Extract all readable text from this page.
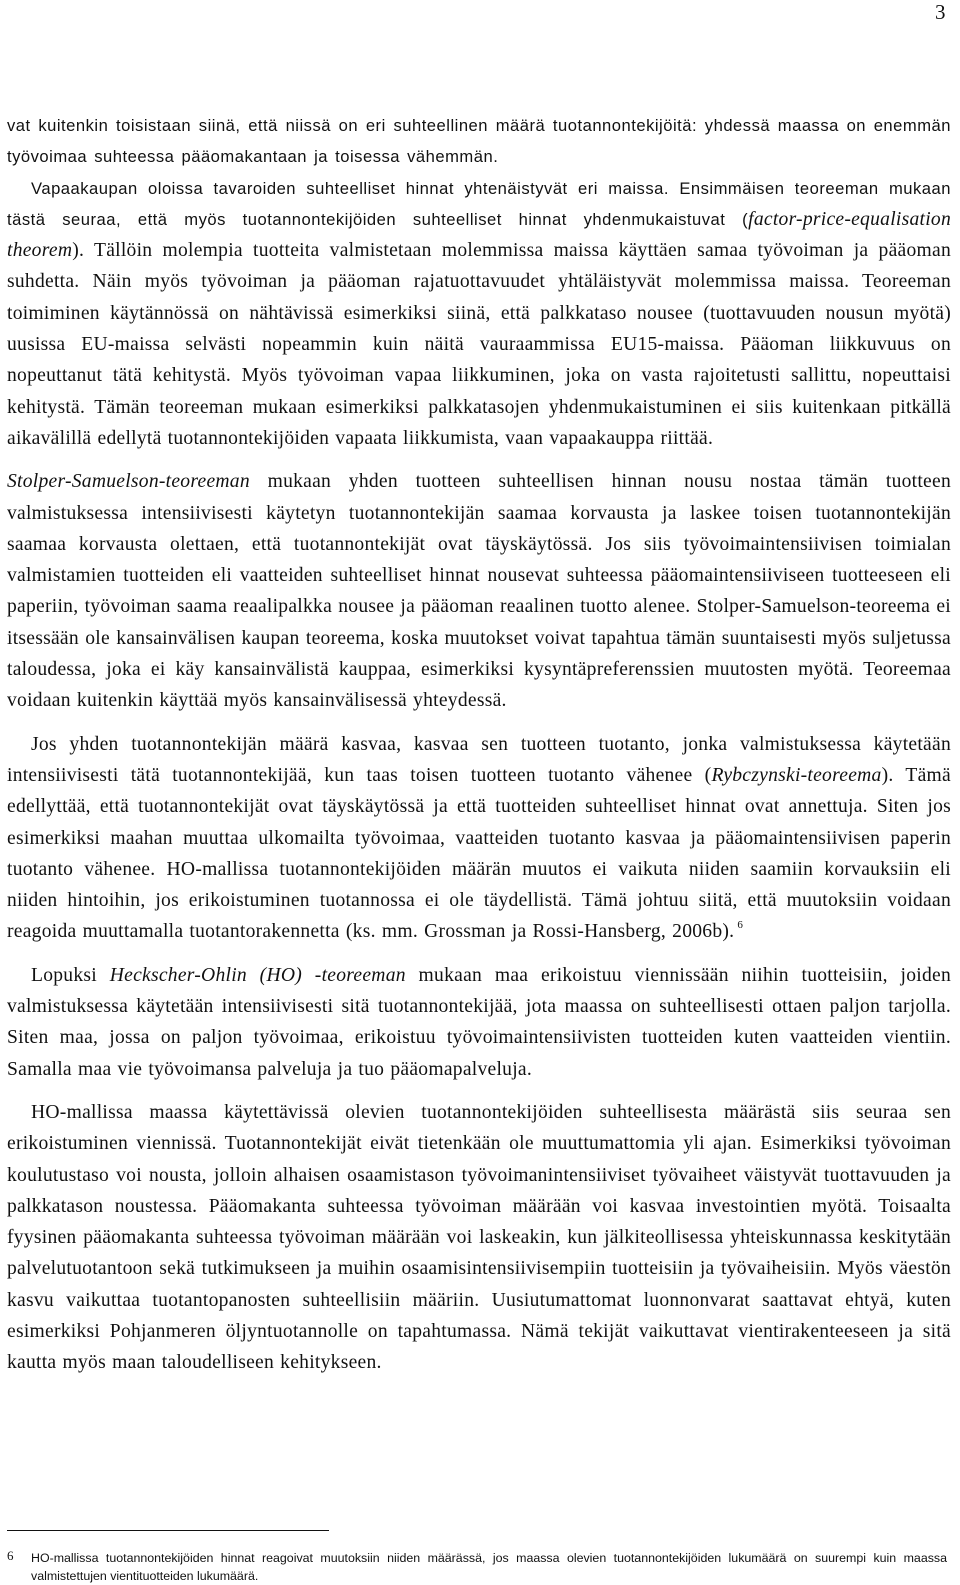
3

vat kuitenkin toisistaan siinä, että niissä on eri suhteellinen määrä tuotannontekijöitä: yhdessä maassa on enemmän työvoimaa suhteessa pääomakantaan ja toisessa vähemmän.

Vapaakaupan oloissa tavaroiden suhteelliset hinnat yhtenäistyvät eri maissa. Ensimmäisen teoreeman mukaan tästä seuraa, että myös tuotannontekijöiden suhteelliset hinnat yhdenmukaistuvat (factor-price-equalisation theorem). Tällöin molempia tuotteita valmistetaan molemmissa maissa käyttäen samaa työvoiman ja pääoman suhdetta. Näin myös työvoiman ja pääoman rajatuottavuudet yhtäläistyvät molemmissa maissa. Teoreeman toimiminen käytännössä on nähtävissä esimerkiksi siinä, että palkkataso nousee (tuottavuuden nousun myötä) uusissa EU-maissa selvästi nopeammin kuin näitä vauraammissa EU15-maissa. Pääoman liikkuvuus on nopeuttanut tätä kehitystä. Myös työvoiman vapaa liikkuminen, joka on vasta rajoitetusti sallittu, nopeuttaisi kehitystä. Tämän teoreeman mukaan esimerkiksi palkkatasojen yhdenmukaistuminen ei siis kuitenkaan pitkällä aikavälillä edellytä tuotannontekijöiden vapaata liikkumista, vaan vapaakauppa riittää.

Stolper-Samuelson-teoreeman mukaan yhden tuotteen suhteellisen hinnan nousu nostaa tämän tuotteen valmistuksessa intensiivisesti käytetyn tuotannontekijän saamaa korvausta ja laskee toisen tuotannontekijän saamaa korvausta olettaen, että tuotannontekijät ovat täyskäytössä. Jos siis työvoimaintensiivisen toimialan valmistamien tuotteiden eli vaatteiden suhteelliset hinnat nousevat suhteessa pääomaintensiiviseen tuotteeseen eli paperiin, työvoiman saama reaalipalkka nousee ja pääoman reaalinen tuotto alenee. Stolper-Samuelson-teoreema ei itsessään ole kansainvälisen kaupan teoreema, koska muutokset voivat tapahtua tämän suuntaisesti myös suljetussa taloudessa, joka ei käy kansainvälistä kauppaa, esimerkiksi kysyntäpreferenssien muutosten myötä. Teoreemaa voidaan kuitenkin käyttää myös kansainvälisessä yhteydessä.

Jos yhden tuotannontekijän määrä kasvaa, kasvaa sen tuotteen tuotanto, jonka valmistuksessa käytetään intensiivisesti tätä tuotannontekijää, kun taas toisen tuotteen tuotanto vähenee (Rybczynski-teoreema). Tämä edellyttää, että tuotannontekijät ovat täyskäytössä ja että tuotteiden suhteelliset hinnat ovat annettuja. Siten jos esimerkiksi maahan muuttaa ulkomailta työvoimaa, vaatteiden tuotanto kasvaa ja pääomaintensiivisen paperin tuotanto vähenee. HO-mallissa tuotannontekijöiden määrän muutos ei vaikuta niiden saamiin korvauksiin eli niiden hintoihin, jos erikoistuminen tuotannossa ei ole täydellistä. Tämä johtuu siitä, että muutoksiin voidaan reagoida muuttamalla tuotantorakennetta (ks. mm. Grossman ja Rossi-Hansberg, 2006b). $^6$

Lopuksi Heckscher-Ohlin (HO) -teoreeman mukaan maa erikoistuu viennissään niihin tuotteisiin, joiden valmistuksessa käytetään intensiivisesti sitä tuotannontekijää, jota maassa on suhteellisesti ottaen paljon tarjolla. Siten maa, jossa on paljon työvoimaa, erikoistuu työvoimaintensiivisten tuotteiden kuten vaatteiden vientiin. Samalla maa vie työvoimansa palveluja ja tuo pääomapalveluja.

HO-mallissa maassa käytettävissä olevien tuotannontekijöiden suhteellisesta määrästä siis seuraa sen erikoistuminen viennissä. Tuotannontekijät eivät tietenkään ole muuttumattomia yli ajan. Esimerkiksi työvoiman koulutustaso voi nousta, jolloin alhaisen osaamistason työvoimanintensiiviset työvaiheet väistyvät tuottavuuden ja palkkatason noustessa. Pääomakanta suhteessa työvoiman määrään voi kasvaa investointien myötä. Toisaalta fyysinen pääomakanta suhteessa työvoiman määrään voi laskeakin, kun jälkiteollisessa yhteiskunnassa keskitytään palvelutuotantoon sekä tutkimukseen ja muihin osaamisintensiivisempiin tuotteisiin ja työvaiheisiin. Myös väestön kasvu vaikuttaa tuotantopanosten suhteellisiin määriin. Uusiutumattomat luonnonvarat saattavat ehtyä, kuten esimerkiksi Pohjanmeren öljyntuotannolle on tapahtumassa. Nämä tekijät vaikuttavat vientirakenteeseen ja sitä kautta myös maan taloudelliseen kehitykseen.

6	HO-mallissa tuotannontekijöiden hinnat reagoivat muutoksiin niiden määrässä, jos maassa olevien tuotannontekijöiden lukumäärä on suurempi kuin maassa valmistettujen vientituotteiden lukumäärä.
